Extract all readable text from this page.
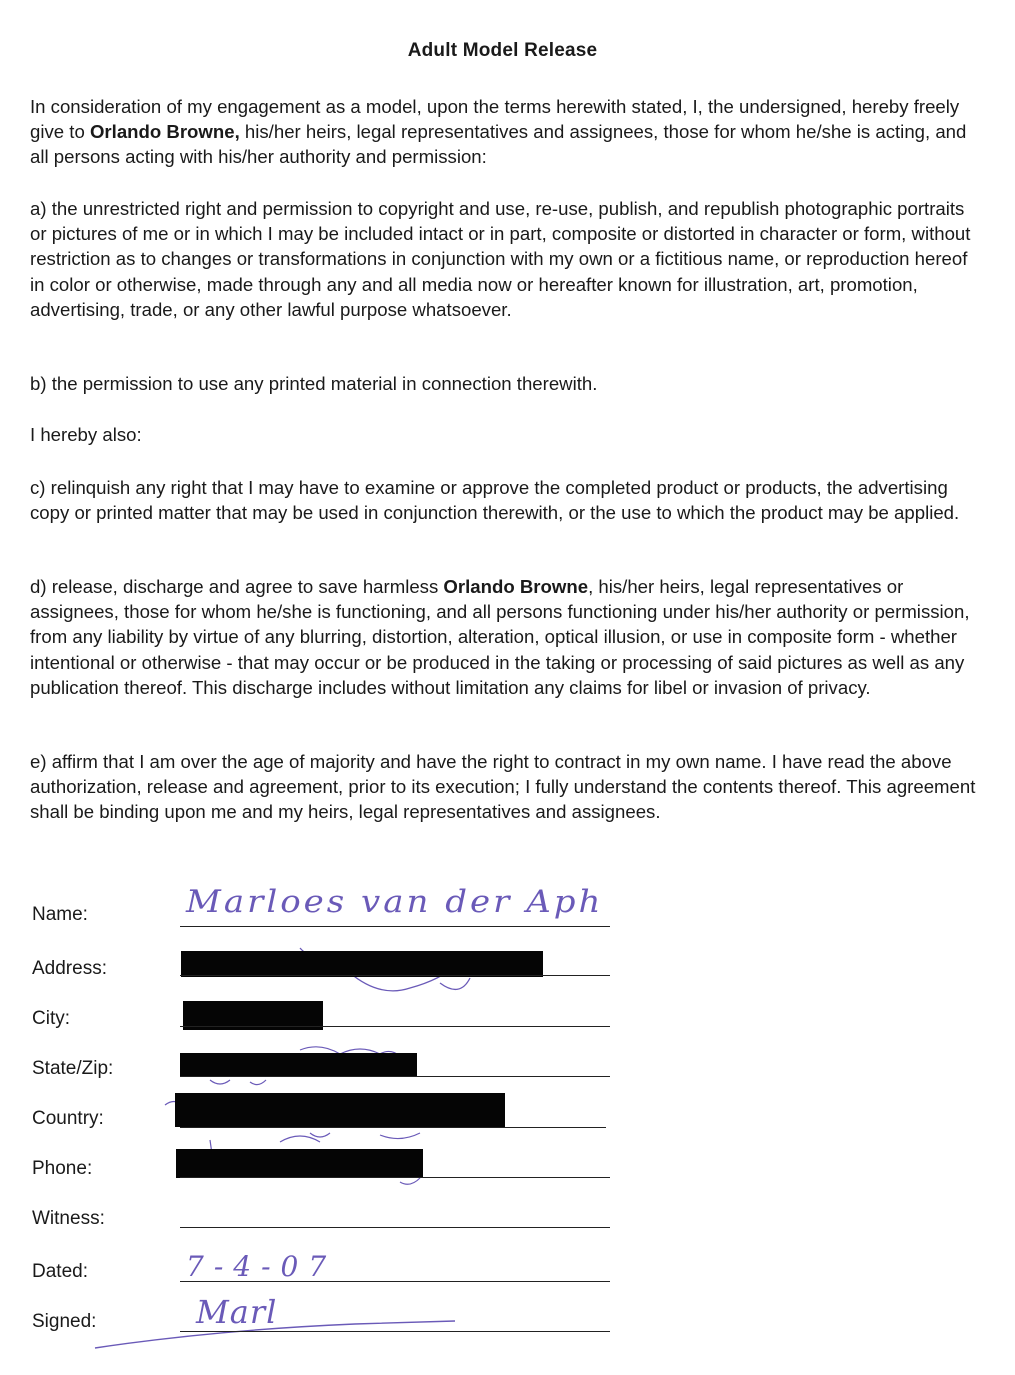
Adult Model Release

In consideration of my engagement as a model, upon the terms herewith stated, I, the undersigned, hereby freely give to Orlando Browne, his/her heirs, legal representatives and assignees, those for whom he/she is acting, and all persons acting with his/her authority and permission:

a) the unrestricted right and permission to copyright and use, re-use, publish, and republish photographic portraits or pictures of me or in which I may be included intact or in part, composite or distorted in character or form, without restriction as to changes or transformations in conjunction with my own or a fictitious name, or reproduction hereof in color or otherwise, made through any and all media now or hereafter known for illustration, art, promotion, advertising, trade, or any other lawful purpose whatsoever.

b) the permission to use any printed material in connection therewith.

I hereby also:

c) relinquish any right that I may have to examine or approve the completed product or products, the advertising copy or printed matter that may be used in conjunction therewith, or the use to which the product may be applied.

d) release, discharge and agree to save harmless Orlando Browne, his/her heirs, legal representatives or assignees, those for whom he/she is functioning, and all persons functioning under his/her authority or permission, from any liability by virtue of any blurring, distortion, alteration, optical illusion, or use in composite form - whether intentional or otherwise - that may occur or be produced in the taking or processing of said pictures as well as any publication thereof. This discharge includes without limitation any claims for libel or invasion of privacy.

e) affirm that I am over the age of majority and have the right to contract in my own name. I have read the above authorization, release and agreement, prior to its execution; I fully understand the contents thereof. This agreement shall be binding upon me and my heirs, legal representatives and assignees.

Name:	Marloes van der Aph
Address:
City:
State/Zip:
Country:
Phone:
Witness:
Dated:	7-4-07
Signed:	Marl
